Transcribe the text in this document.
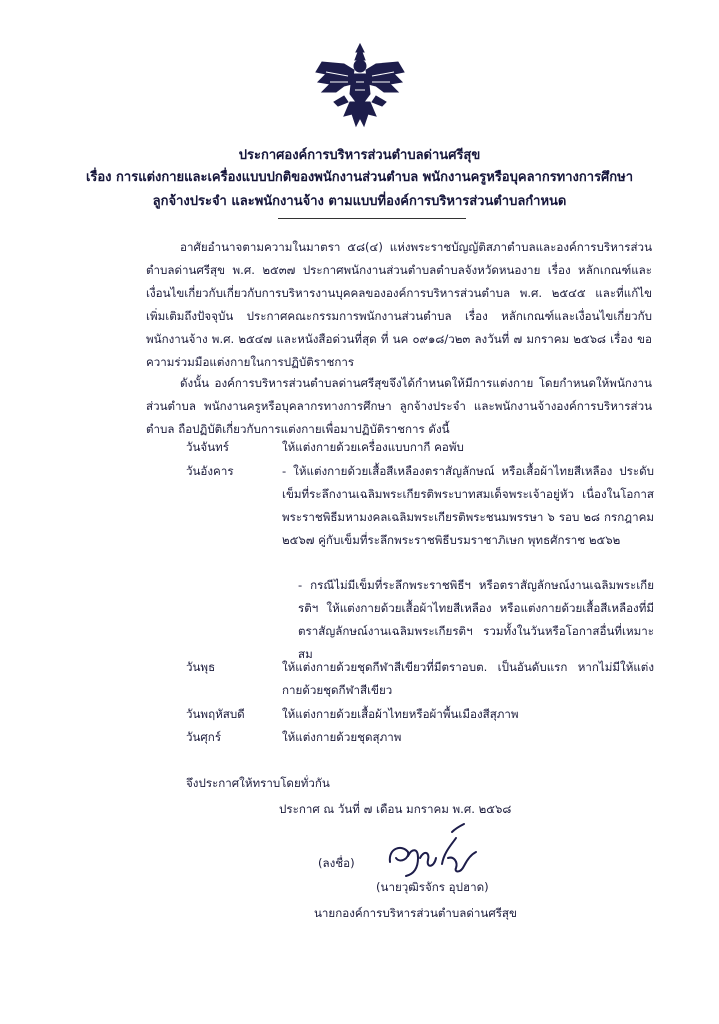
ประกาศองค์การบริหารส่วนตำบลด่านศรีสุข
เรื่อง การแต่งกายและเครื่องแบบปกติของพนักงานส่วนตำบล พนักงานครูหรือบุคลากรทางการศึกษา
ลูกจ้างประจำ และพนักงานจ้าง ตามแบบที่องค์การบริหารส่วนตำบลกำหนด
อาศัยอำนาจตามความในมาตรา ๕๘(๔) แห่งพระราชบัญญัติสภาตำบลและองค์การบริหารส่วนตำบลด่านศรีสุข พ.ศ. ๒๕๓๗ ประกาศพนักงานส่วนตำบลตำบลจังหวัดหนองาย เรื่อง หลักเกณฑ์และเงื่อนไขเกี่ยวกับเกี่ยวกับการบริหารงานบุคคลขององค์การบริหารส่วนตำบล พ.ศ. ๒๕๔๕ และที่แก้ไขเพิ่มเติมถึงปัจจุบัน ประกาศคณะกรรมการพนักงานส่วนตำบล เรื่อง หลักเกณฑ์และเงื่อนไขเกี่ยวกับพนักงานจ้าง พ.ศ. ๒๕๔๗ และหนังสือด่วนที่สุด ที่ นค ๐๙๑๘/ว๒๓ ลงวันที่ ๗ มกราคม ๒๕๖๘ เรื่อง ขอความร่วมมือแต่งกายในการปฏิบัติราชการ
ดังนั้น องค์การบริหารส่วนตำบลด่านศรีสุขจึงได้กำหนดให้มีการแต่งกาย โดยกำหนดให้พนักงานส่วนตำบล พนักงานครูหรือบุคลากรทางการศึกษา ลูกจ้างประจำ และพนักงานจ้างองค์การบริหารส่วนตำบล ถือปฏิบัติเกี่ยวกับการแต่งกายเพื่อมาปฏิบัติราชการ ดังนี้
วันจันทร์	ให้แต่งกายด้วยเครื่องแบบกากี คอพับ
วันอังคาร	- ให้แต่งกายด้วยเสื้อสีเหลืองตราสัญลักษณ์ หรือเสื้อผ้าไทยสีเหลือง ประดับเข็มที่ระลึกงานเฉลิมพระเกียรติพระบาทสมเด็จพระเจ้าอยู่หัว เนื่องในโอกาสพระราชพิธีมหามงคลเฉลิมพระเกียรติพระชนมพรรษา ๖ รอบ ๒๘ กรกฎาคม ๒๕๖๗ คู่กับเข็มที่ระลึกพระราชพิธีบรมราชาภิเษก พุทธศักราช ๒๕๖๒
- กรณีไม่มีเข็มที่ระลึกพระราชพิธีฯ หรือตราสัญลักษณ์งานเฉลิมพระเกียรติฯ ให้แต่งกายด้วยเสื้อผ้าไทยสีเหลือง หรือแต่งกายด้วยเสื้อสีเหลืองที่มีตราสัญลักษณ์งานเฉลิมพระเกียรติฯ รวมทั้งในวันหรือโอกาสอื่นที่เหมาะสม
วันพุธ	ให้แต่งกายด้วยชุดกีฬาสีเขียวที่มีตราอบต. เป็นอันดับแรก หากไม่มีให้แต่งกายด้วยชุดกีฬาสีเขียว
วันพฤหัสบดี	ให้แต่งกายด้วยเสื้อผ้าไทยหรือผ้าพื้นเมืองสีสุภาพ
วันศุกร์	ให้แต่งกายด้วยชุดสุภาพ
จึงประกาศให้ทราบโดยทั่วกัน
ประกาศ ณ วันที่ ๗ เดือน มกราคม พ.ศ. ๒๕๖๘
(ลงชื่อ)
(นายวุฒิรจักร อุปฮาด)
นายกองค์การบริหารส่วนตำบลด่านศรีสุข
